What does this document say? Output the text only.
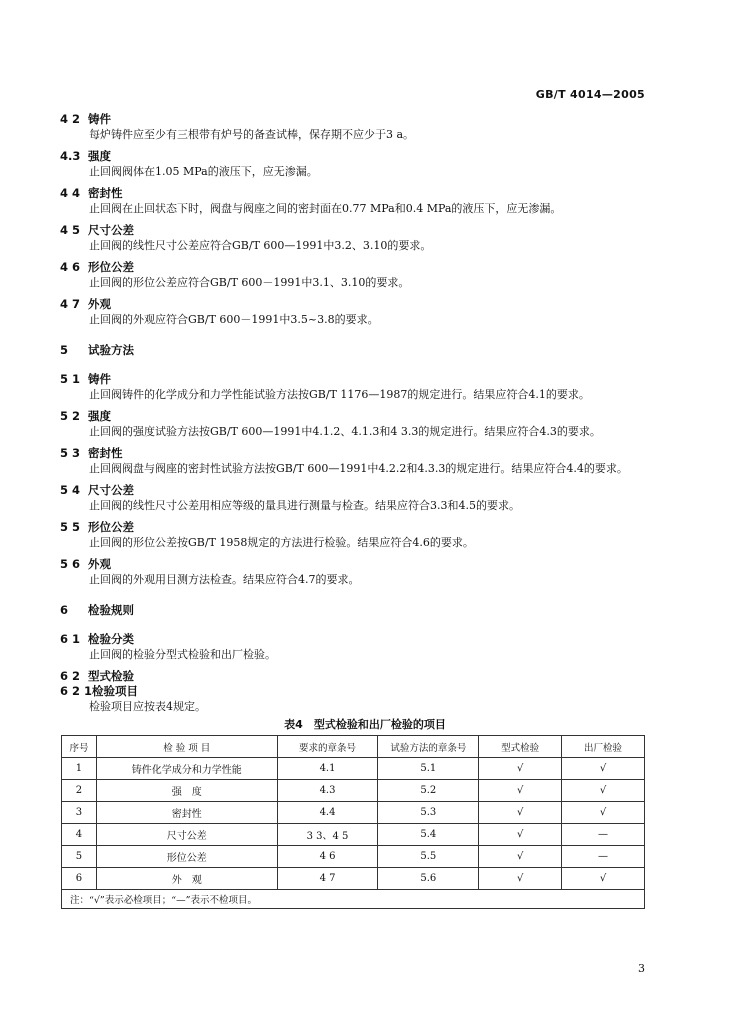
GB/T 4014—2005

4 2 铸件

每炉铸件应至少有三根带有炉号的备查试棒，保存期不应少于3 a。

4.3 强度

止回阀阀体在1.05 MPa的液压下，应无渗漏。

4 4 密封性

止回阀在止回状态下时，阀盘与阀座之间的密封面在0.77 MPa和0.4 MPa的液压下，应无渗漏。

4 5 尺寸公差

止回阀的线性尺寸公差应符合GB/T 600—1991中3.2、3.10的要求。

4 6 形位公差

止回阀的形位公差应符合GB/T 600－1991中3.1、3.10的要求。

4 7 外观

止回阀的外观应符合GB/T 600－1991中3.5~3.8的要求。

5 试验方法

5 1 铸件

止回阀铸件的化学成分和力学性能试验方法按GB/T 1176—1987的规定进行。结果应符合4.1的要求。

5 2 强度

止回阀的强度试验方法按GB/T 600—1991中4.1.2、4.1.3和4 3.3的规定进行。结果应符合4.3的要求。

5 3 密封性

止回阀阀盘与阀座的密封性试验方法按GB/T 600—1991中4.2.2和4.3.3的规定进行。结果应符合4.4的要求。

5 4 尺寸公差

止回阀的线性尺寸公差用相应等级的量具进行测量与检查。结果应符合3.3和4.5的要求。

5 5 形位公差

止回阀的形位公差按GB/T 1958规定的方法进行检验。结果应符合4.6的要求。

5 6 外观

止回阀的外观用目测方法检查。结果应符合4.7的要求。

6 检验规则

6 1 检验分类

止回阀的检验分型式检验和出厂检验。

6 2 型式检验

6 2 1检验项目

检验项目应按表4规定。

表4　型式检验和出厂检验的项目
序号	检 验 项 目	要求的章条号	试验方法的章条号	型式检验	出厂检验
1	铸件化学成分和力学性能	4.1	5.1	√	√
2	强　度	4.3	5.2	√	√
3	密封性	4.4	5.3	√	√
4	尺寸公差	3 3、4 5	5.4	√	—
5	形位公差	4 6	5.5	√	—
6	外　观	4 7	5.6	√	√
注：“√”表示必检项目；“—”表示不检项目。					
3
